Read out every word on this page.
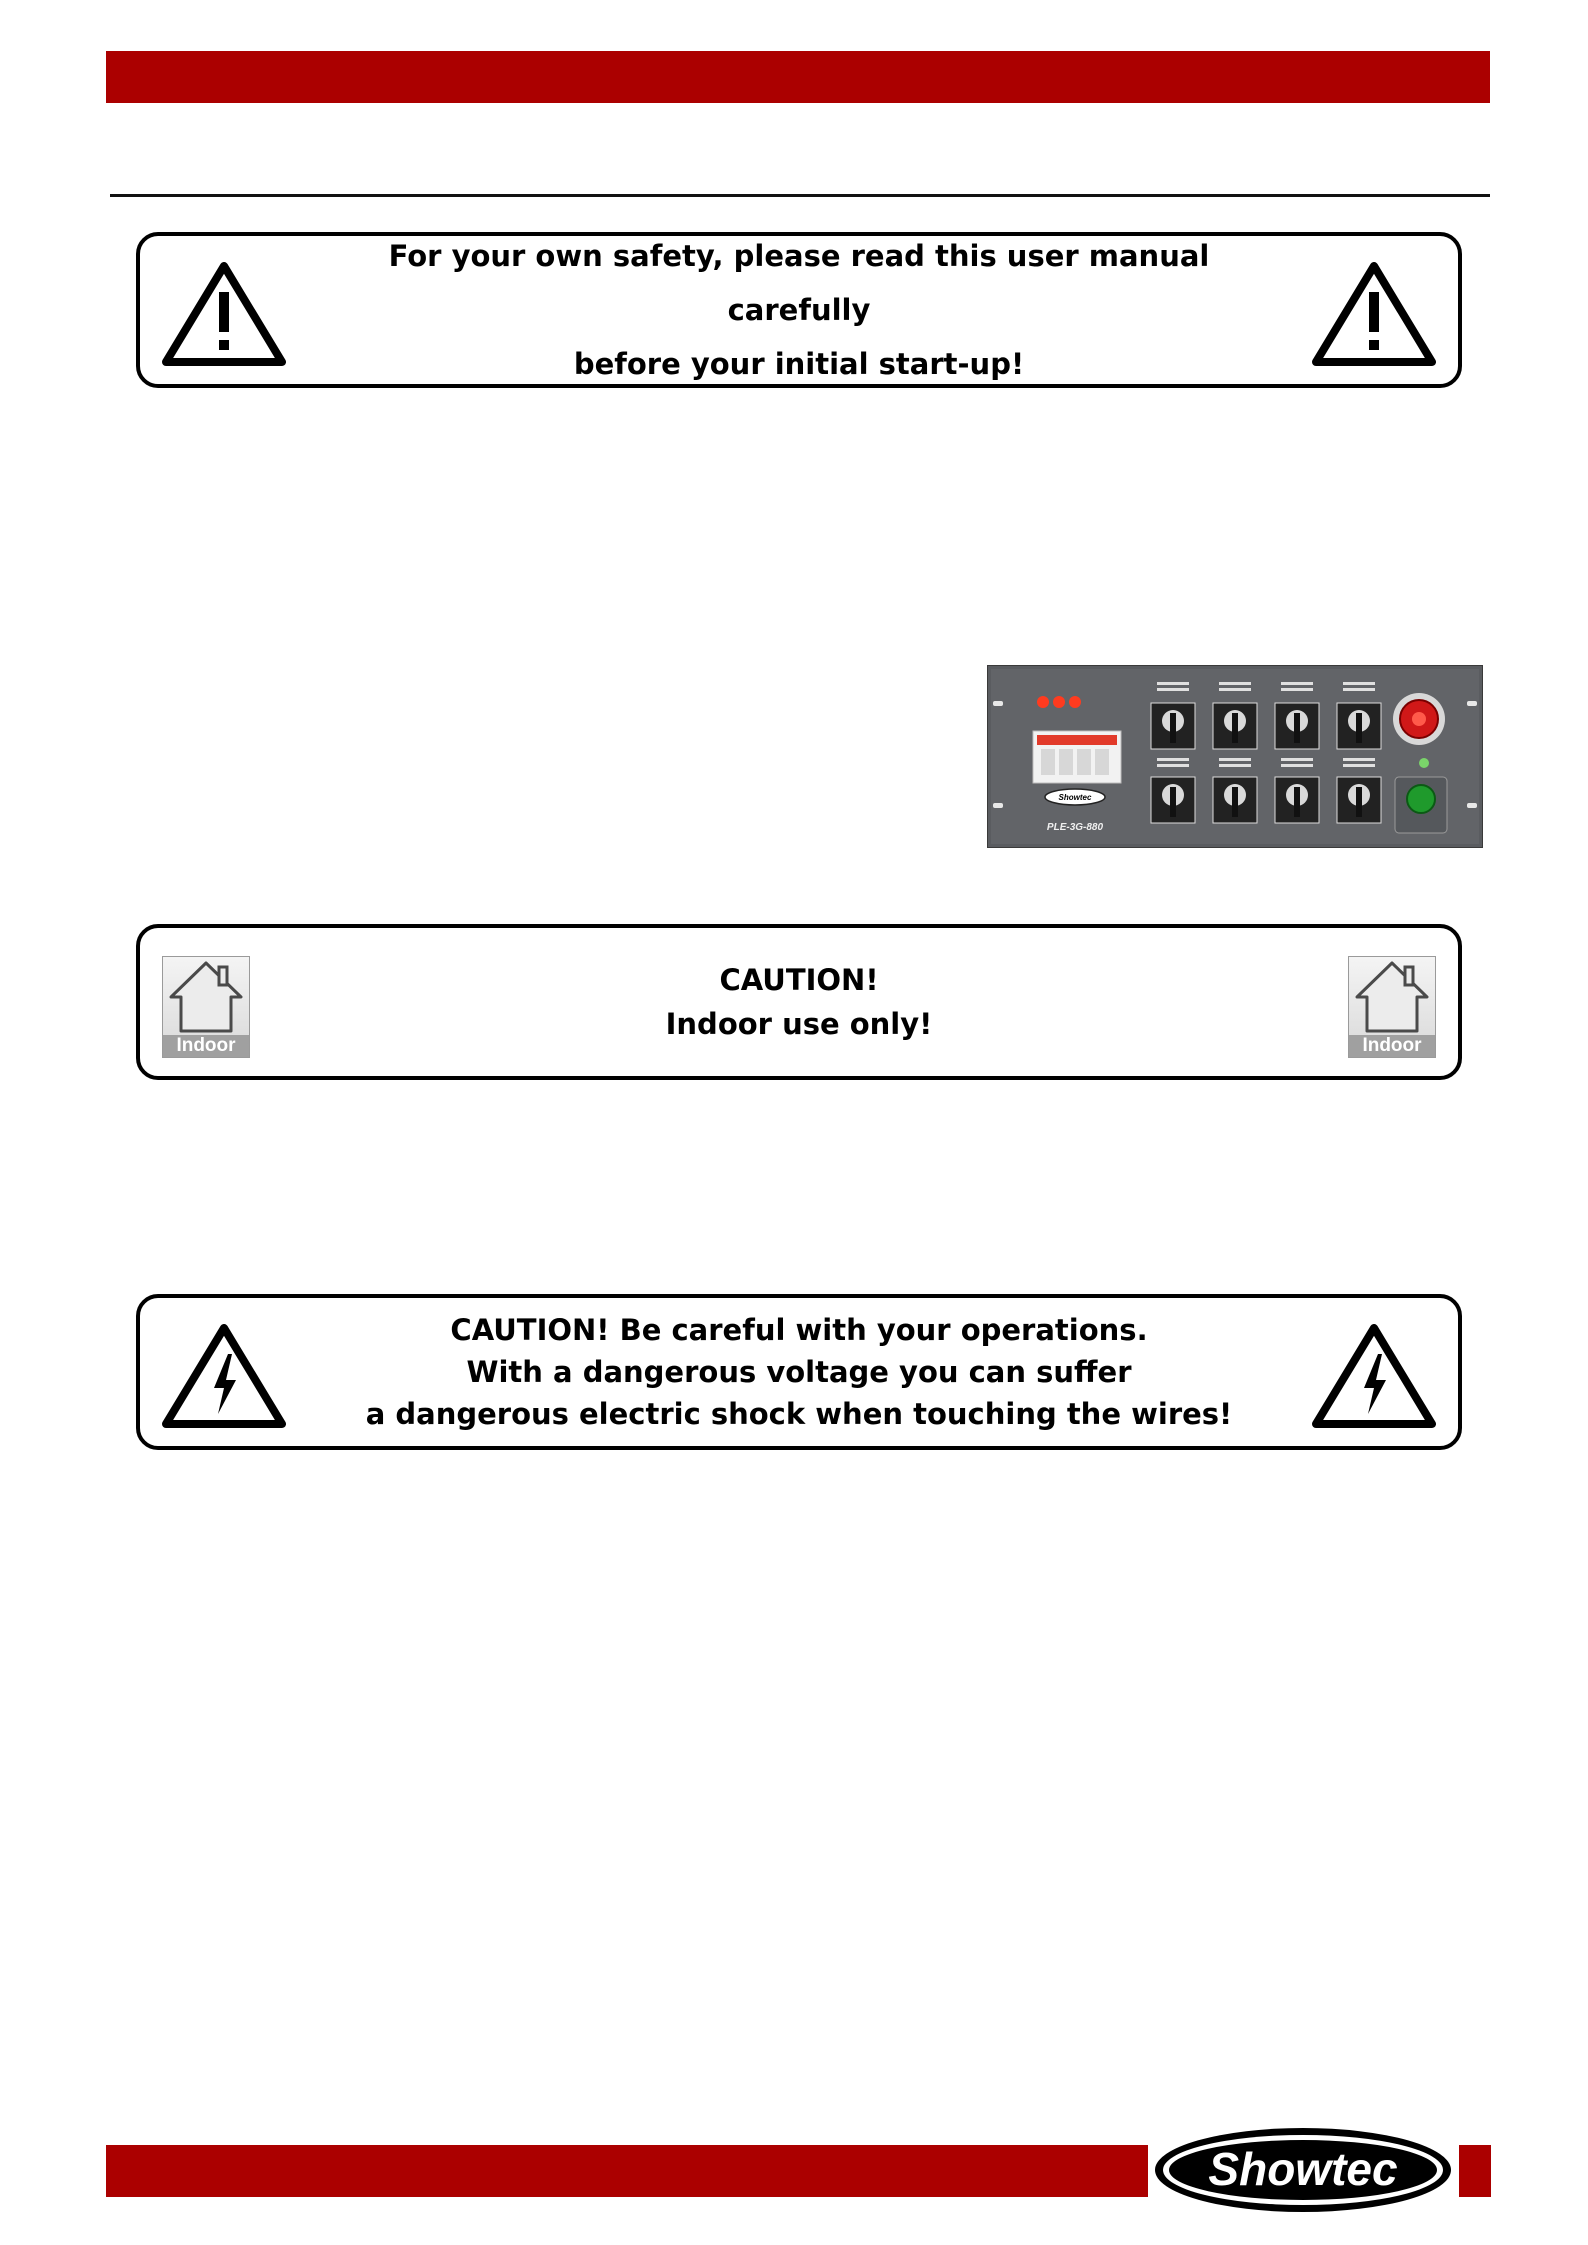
For your own safety, please read this user manual carefully
before your initial start-up!
Showtec
PLE-3G-880
Indoor
CAUTION!
Indoor use only!
Indoor
CAUTION! Be careful with your operations.
With a dangerous voltage you can suffer
a dangerous electric shock when touching the wires!
Showtec
